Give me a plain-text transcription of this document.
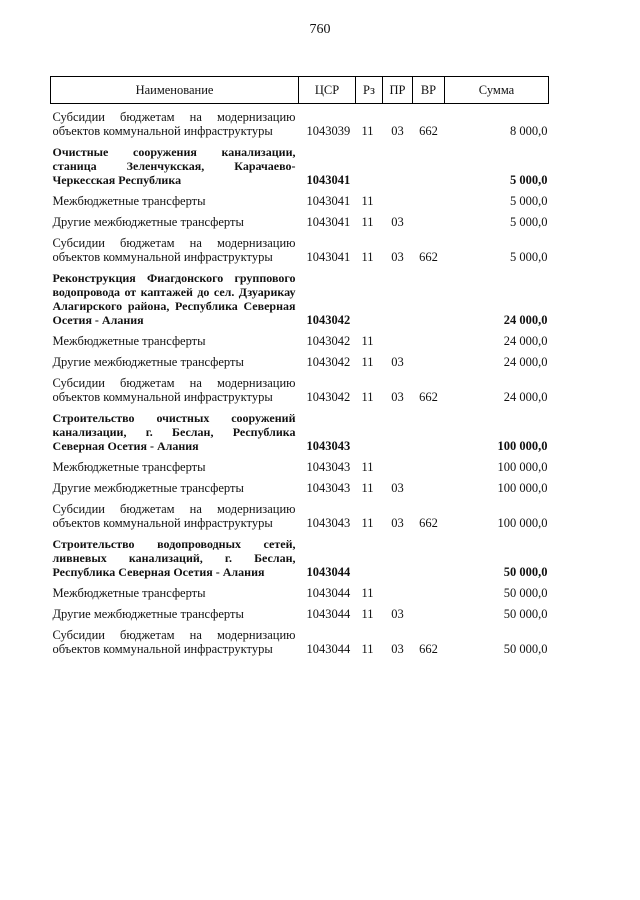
760
Наименование	ЦСР	Рз	ПР	ВР	Сумма

Субсидии бюджетам на модернизацию объектов коммунальной инфраструктуры	1043039	11	03	662	8 000,0

Очистные сооружения канализации, станица Зеленчукская, Карачаево-Черкесская Республика	1043041				5 000,0

Межбюджетные трансферты	1043041	11			5 000,0

Другие межбюджетные трансферты	1043041	11	03		5 000,0

Субсидии бюджетам на модернизацию объектов коммунальной инфраструктуры	1043041	11	03	662	5 000,0

Реконструкция Фиагдонского группового водопровода от каптажей до сел. Дзуарикау Алагирского района, Республика Северная Осетия - Алания	1043042				24 000,0

Межбюджетные трансферты	1043042	11			24 000,0

Другие межбюджетные трансферты	1043042	11	03		24 000,0

Субсидии бюджетам на модернизацию объектов коммунальной инфраструктуры	1043042	11	03	662	24 000,0

Строительство очистных сооружений канализации, г. Беслан, Республика Северная Осетия - Алания	1043043				100 000,0

Межбюджетные трансферты	1043043	11			100 000,0

Другие межбюджетные трансферты	1043043	11	03		100 000,0

Субсидии бюджетам на модернизацию объектов коммунальной инфраструктуры	1043043	11	03	662	100 000,0

Строительство водопроводных сетей, ливневых канализаций, г. Беслан, Республика Северная Осетия - Алания	1043044				50 000,0

Межбюджетные трансферты	1043044	11			50 000,0

Другие межбюджетные трансферты	1043044	11	03		50 000,0

Субсидии бюджетам на модернизацию объектов коммунальной инфраструктуры	1043044	11	03	662	50 000,0
